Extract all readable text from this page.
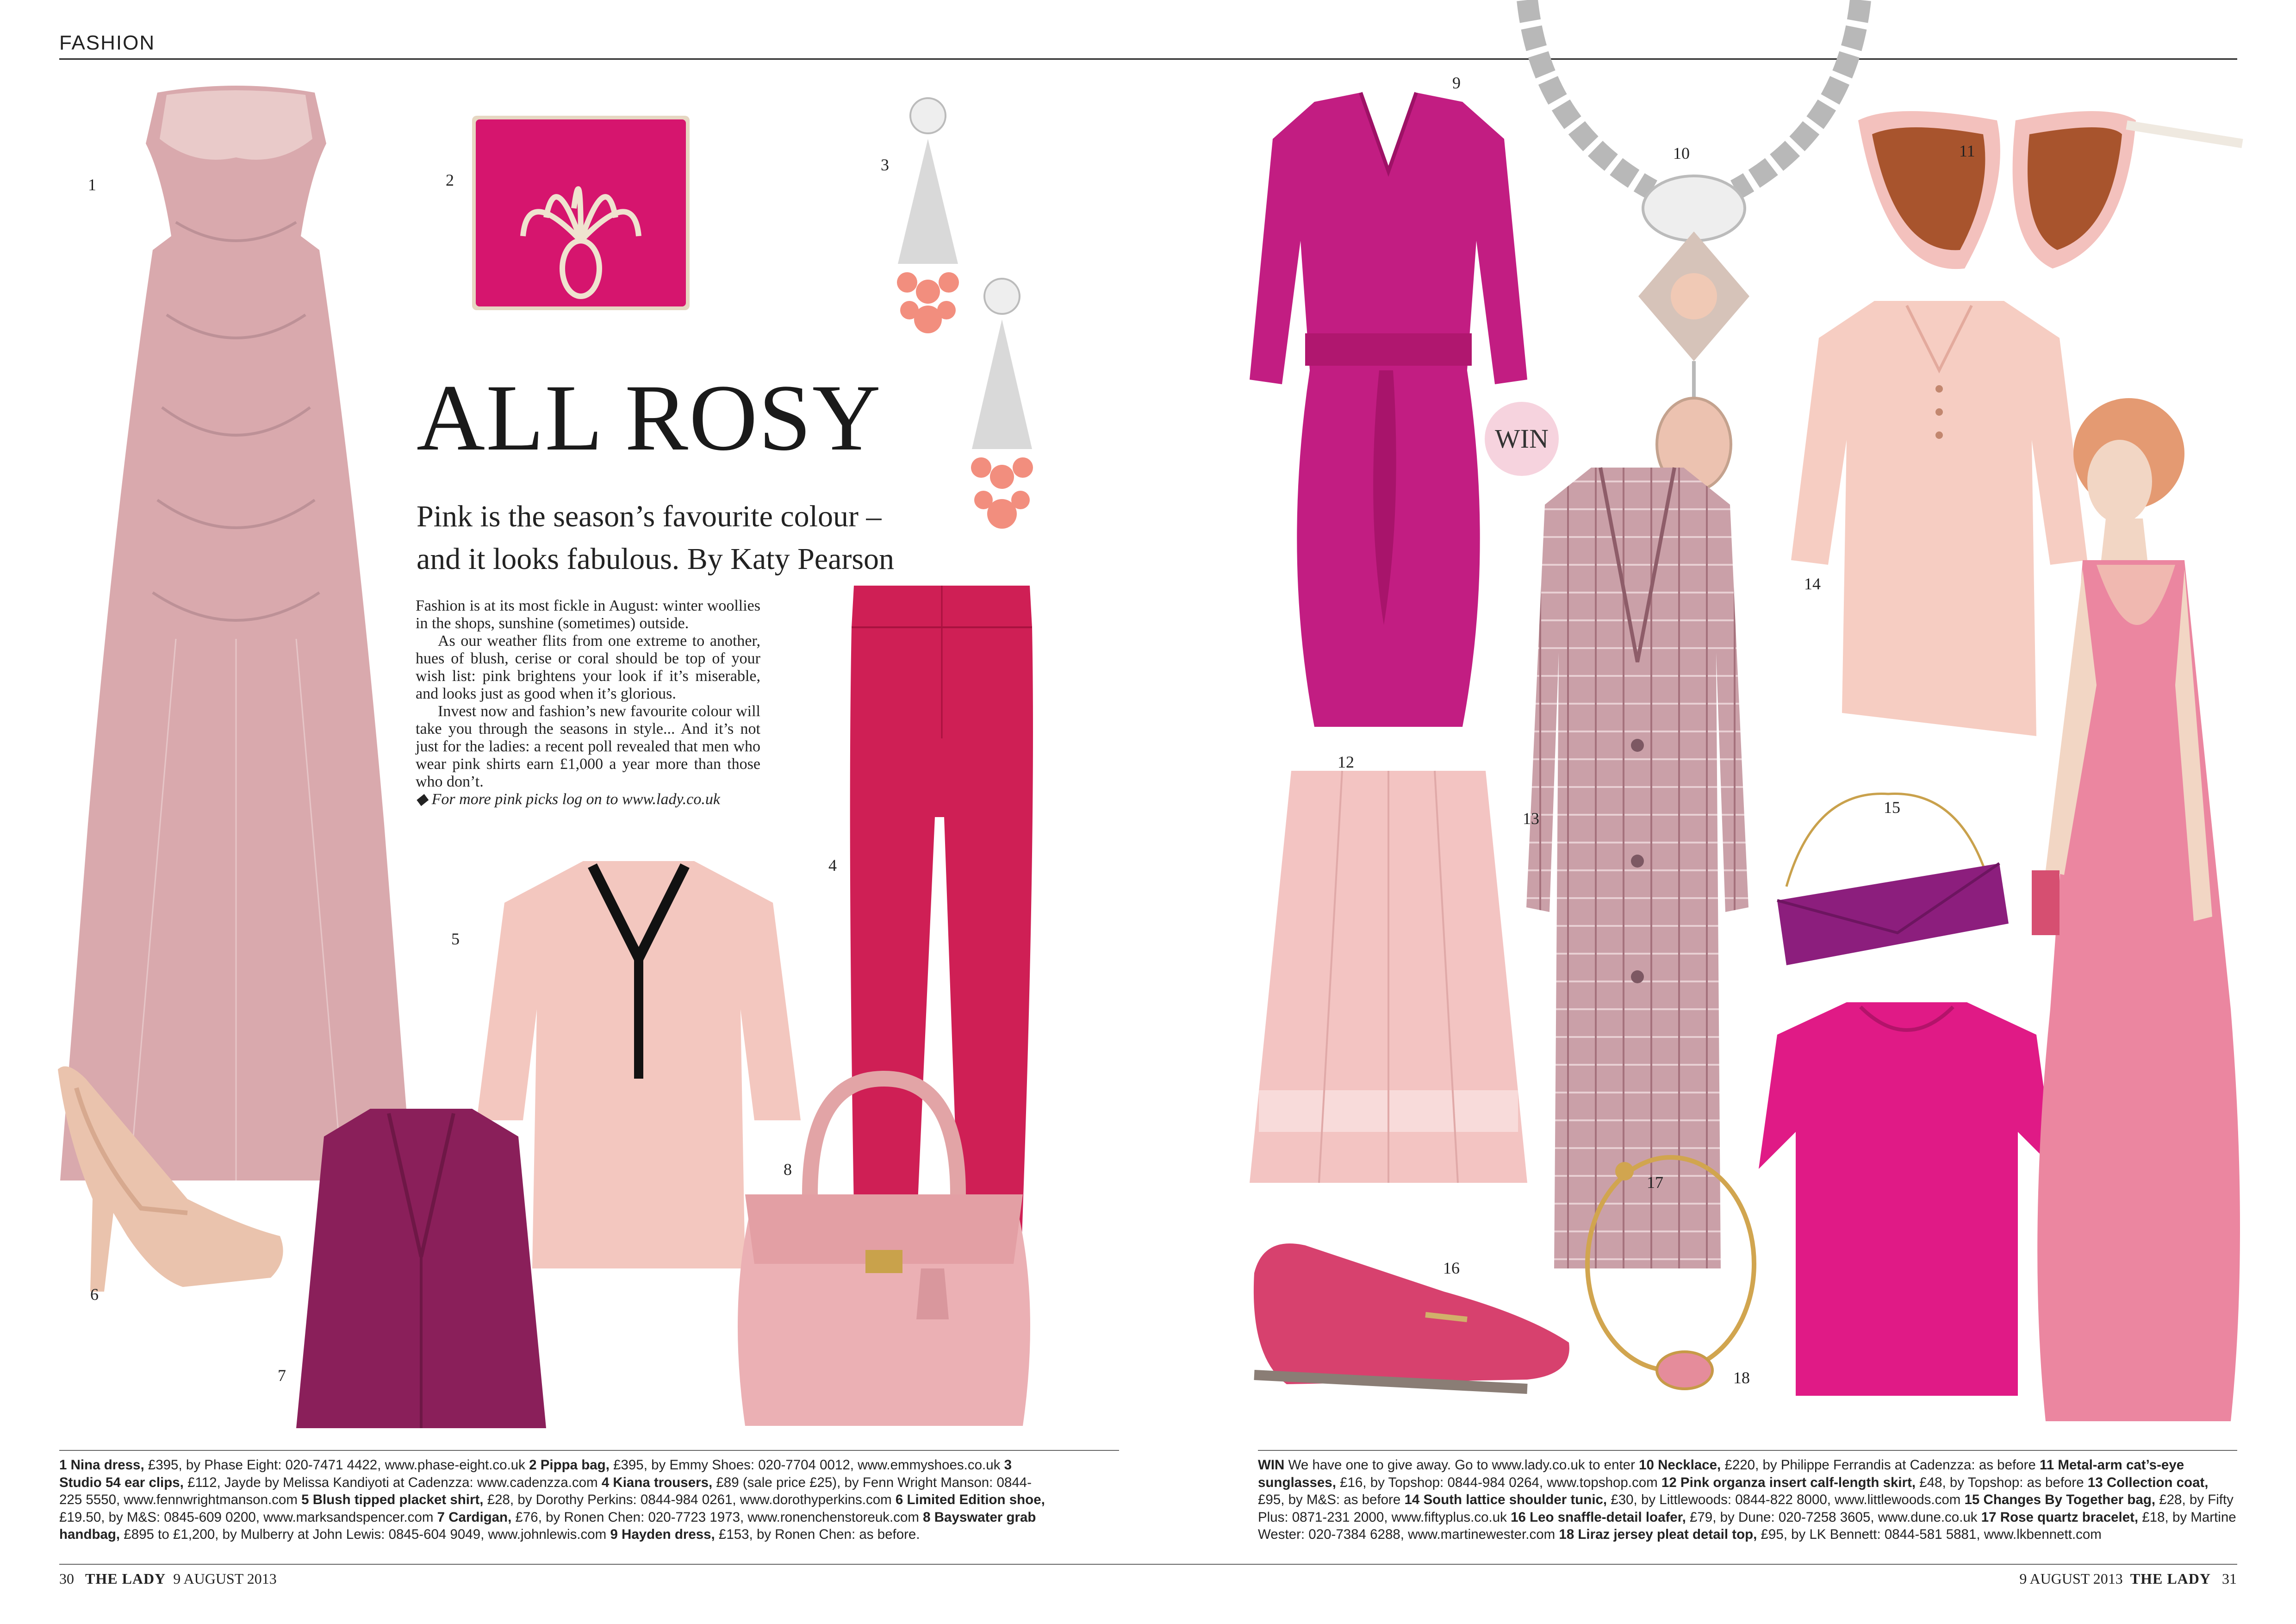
FASHION
1	2
3
ALL ROSY
Pink is the season’s favourite colour –
and it looks fabulous. By Katy Pearson

Fashion is at its most fickle in August: winter woollies in the shops, sunshine (sometimes) outside.

As our weather flits from one extreme to another, hues of blush, cerise or coral should be top of your wish list: pink brightens your look if it’s miserable, and looks just as good when it’s glorious.

Invest now and fashion’s new favourite colour will take you through the seasons in style... And it’s not just for the ladies: a recent poll revealed that men who wear pink shirts earn £1,000 a year more than those who don’t.

◆ For more pink picks log on to www.lady.co.uk

4
5
6
7
8
9
WIN
10	11
12
13
14
15
16
17
18
1 Nina dress, £395, by Phase Eight: 020-7471 4422, www.phase-eight.co.uk 2 Pippa bag, £395, by Emmy Shoes: 020-7704 0012, www.emmyshoes.co.uk 3 Studio 54 ear clips, £112, Jayde by Melissa Kandiyoti at Cadenzza: www.cadenzza.com 4 Kiana trousers, £89 (sale price £25), by Fenn Wright Manson: 0844-225 5550, www.fennwrightmanson.com 5 Blush tipped placket shirt, £28, by Dorothy Perkins: 0844-984 0261, www.dorothyperkins.com 6 Limited Edition shoe, £19.50, by M&S: 0845-609 0200, www.marksandspencer.com 7 Cardigan, £76, by Ronen Chen: 020-7723 1973, www.ronenchenstoreuk.com 8 Bayswater grab handbag, £895 to £1,200, by Mulberry at John Lewis: 0845-604 9049, www.johnlewis.com 9 Hayden dress, £153, by Ronen Chen: as before.
WIN We have one to give away. Go to www.lady.co.uk to enter 10 Necklace, £220, by Philippe Ferrandis at Cadenzza: as before 11 Metal-arm cat’s-eye sunglasses, £16, by Topshop: 0844-984 0264, www.topshop.com 12 Pink organza insert calf-length skirt, £48, by Topshop: as before 13 Collection coat, £95, by M&S: as before 14 South lattice shoulder tunic, £30, by Littlewoods: 0844-822 8000, www.littlewoods.com 15 Changes By Together bag, £28, by Fifty Plus: 0871-231 2000, www.fiftyplus.co.uk 16 Leo snaffle-detail loafer, £79, by Dune: 020-7258 3605, www.dune.co.uk 17 Rose quartz bracelet, £18, by Martine Wester: 020-7384 6288, www.martinewester.com 18 Liraz jersey pleat detail top, £95, by LK Bennett: 0844-581 5881, www.lkbennett.com
30 THE LADY 9 AUGUST 2013	9 AUGUST 2013 THE LADY 31
